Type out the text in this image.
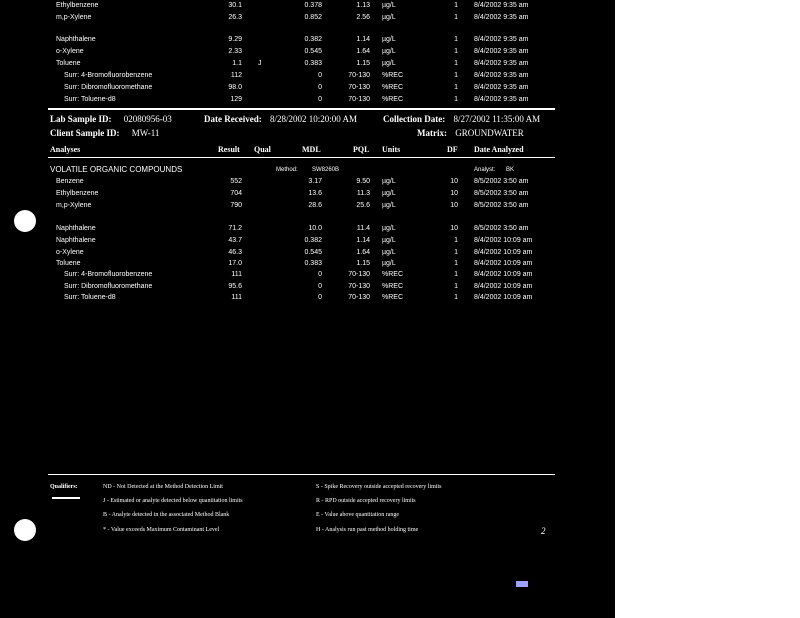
Ethylbenzene	30.1	0.378	1.13 µg/L	1 8/4/2002 9:35 am
m,p-Xylene	26.3	0.852	2.56 µg/L	1 8/4/2002 9:35 am
Naphthalene	9.29	0.382	1.14 µg/L	1 8/4/2002 9:35 am
o-Xylene	2.33	0.545	1.64 µg/L	1 8/4/2002 9:35 am
Toluene	1.1 J	0.383	1.15 µg/L	1 8/4/2002 9:35 am
Surr: 4-Bromofluorobenzene	112	0	70-130 %REC	1 8/4/2002 9:35 am
Surr: Dibromofluoromethane	98.0	0	70-130 %REC	1 8/4/2002 9:35 am
Surr: Toluene-d8	129	0	70-130 %REC	1 8/4/2002 9:35 am
Lab Sample ID: 02080956-03	Date Received: 8/28/2002 10:20:00 AM	Collection Date: 8/27/2002 11:35:00 AM
Client Sample ID: MW-11	Matrix: GROUNDWATER
Analyses	Result Qual	MDL	PQL Units	DF Date Analyzed
VOLATILE ORGANIC COMPOUNDS	Method: SW8260B	Analyst: BK
Benzene	552	3.17	9.50 µg/L	10 8/5/2002 3:50 am
Ethylbenzene	704	13.6	11.3 µg/L	10 8/5/2002 3:50 am
m,p-Xylene	790	28.6	25.6 µg/L	10 8/5/2002 3:50 am
Naphthalene	71.2	10.0	11.4 µg/L	10 8/5/2002 3:50 am
Naphthalene	43.7	0.382	1.14 µg/L	1 8/4/2002 10:09 am
o-Xylene	46.3	0.545	1.64 µg/L	1 8/4/2002 10:09 am
Toluene	17.0	0.383	1.15 µg/L	1 8/4/2002 10:09 am
Surr: 4-Bromofluorobenzene	111	0	70-130 %REC	1 8/4/2002 10:09 am
Surr: Dibromofluoromethane	95.6	0	70-130 %REC	1 8/4/2002 10:09 am
Surr: Toluene-d8	111	0	70-130 %REC	1 8/4/2002 10:09 am
Qualifiers:	ND - Not Detected at the Method Detection Limit
J - Estimated or analyte detected below quantitation limits
B - Analyte detected in the associated Method Blank
* - Value exceeds Maximum Contaminant Level
S - Spike Recovery outside accepted recovery limits
R - RPD outside accepted recovery limits
E - Value above quantitation range
H - Analysis run past method holding time	2
